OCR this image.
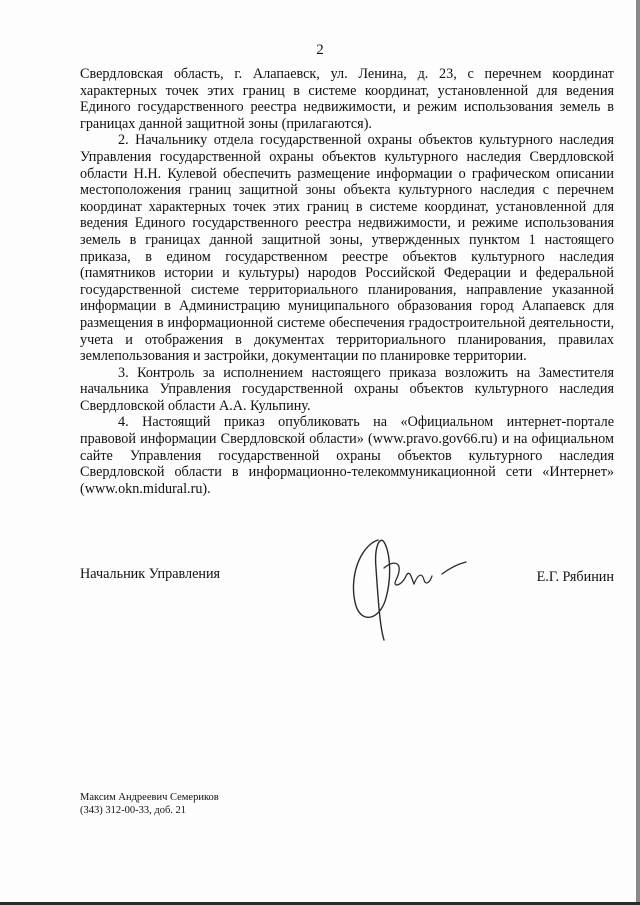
2

Свердловская область, г. Алапаевск, ул. Ленина, д. 23, с перечнем координат характерных точек этих границ в системе координат, установленной для ведения Единого государственного реестра недвижимости, и режим использования земель в границах данной защитной зоны (прилагаются).

2. Начальнику отдела государственной охраны объектов культурного наследия Управления государственной охраны объектов культурного наследия Свердловской области Н.Н. Кулевой обеспечить размещение информации о графическом описании местоположения границ защитной зоны объекта культурного наследия с перечнем координат характерных точек этих границ в системе координат, установленной для ведения Единого государственного реестра недвижимости, и режиме использования земель в границах данной защитной зоны, утвержденных пунктом 1 настоящего приказа, в едином государственном реестре объектов культурного наследия (памятников истории и культуры) народов Российской Федерации и федеральной государственной системе территориального планирования, направление указанной информации в Администрацию муниципального образования город Алапаевск для размещения в информационной системе обеспечения градостроительной деятельности, учета и отображения в документах территориального планирования, правилах землепользования и застройки, документации по планировке территории.

3. Контроль за исполнением настоящего приказа возложить на Заместителя начальника Управления государственной охраны объектов культурного наследия Свердловской области А.А. Кульпину.

4. Настоящий приказ опубликовать на «Официальном интернет-портале правовой информации Свердловской области» (www.pravo.gov66.ru) и на официальном сайте Управления государственной охраны объектов культурного наследия Свердловской области в информационно-телекоммуникационной сети «Интернет» (www.okn.midural.ru).

Начальник Управления	Е.Г. Рябинин
Максим Андреевич Семериков
(343) 312-00-33, доб. 21
